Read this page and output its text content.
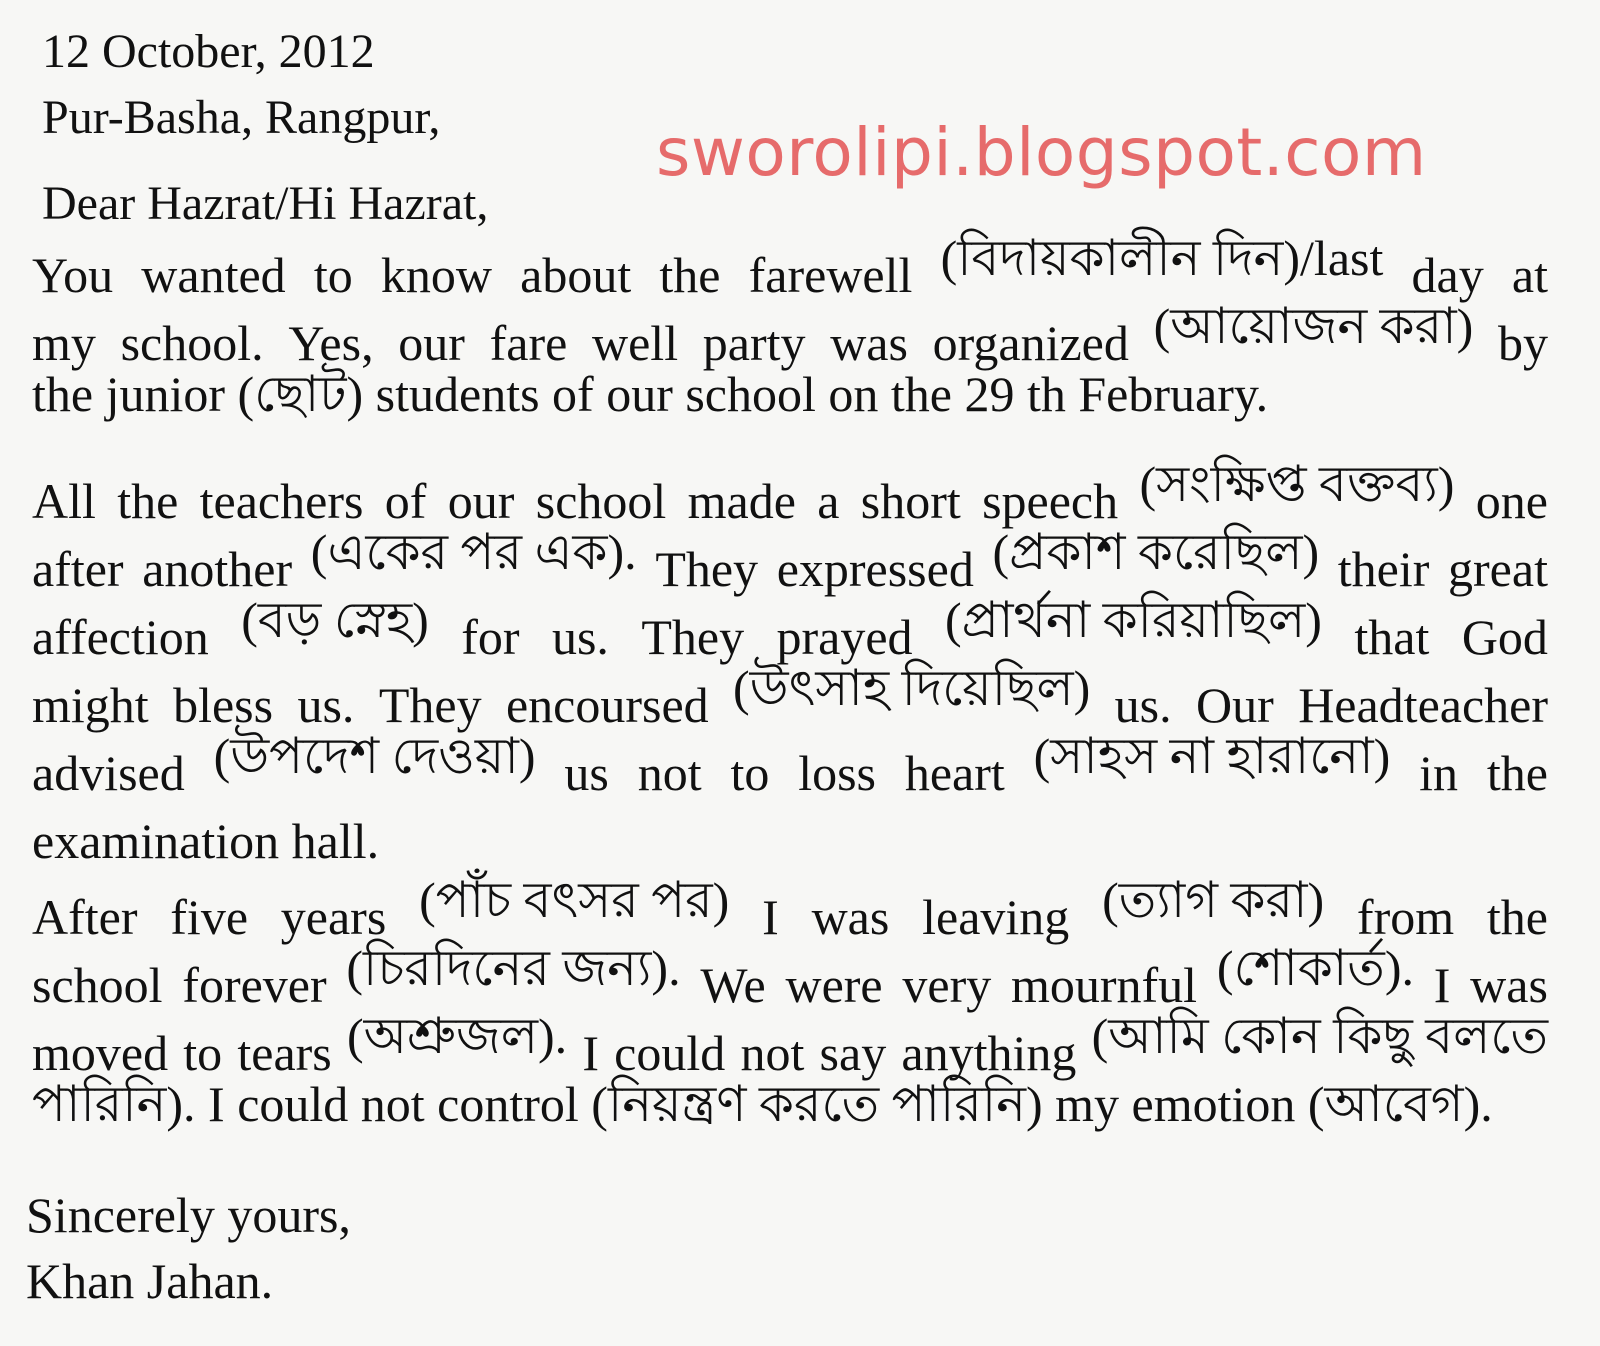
12 October, 2012
Pur-Basha, Rangpur,	sworolipi.blogspot.com
Dear Hazrat/Hi Hazrat,
You wanted to know about the farewell (বিদায়কালীন দিন)/last day at
my school. Yes, our fare well party was organized (আয়োজন করা) by
the junior (ছোট) students of our school on the 29 th February.
All the teachers of our school made a short speech (সংক্ষিপ্ত বক্তব্য) one
after another (একের পর এক). They expressed (প্রকাশ করেছিল) their great
affection (বড় স্নেহ) for us. They prayed (প্রার্থনা করিয়াছিল) that God
might bless us. They encoursed (উৎসাহ দিয়েছিল) us. Our Headteacher
advised (উপদেশ দেওয়া) us not to loss heart (সাহস না হারানো) in the
examination hall.
After five years (পাঁচ বৎসর পর) I was leaving (ত্যাগ করা) from the
school forever (চিরদিনের জন্য). We were very mournful (শোকার্ত). I was
moved to tears (অশ্রুজল). I could not say anything (আমি কোন কিছু বলতে
পারিনি). I could not control (নিয়ন্ত্রণ করতে পারিনি) my emotion (আবেগ).
Sincerely yours,
Khan Jahan.
